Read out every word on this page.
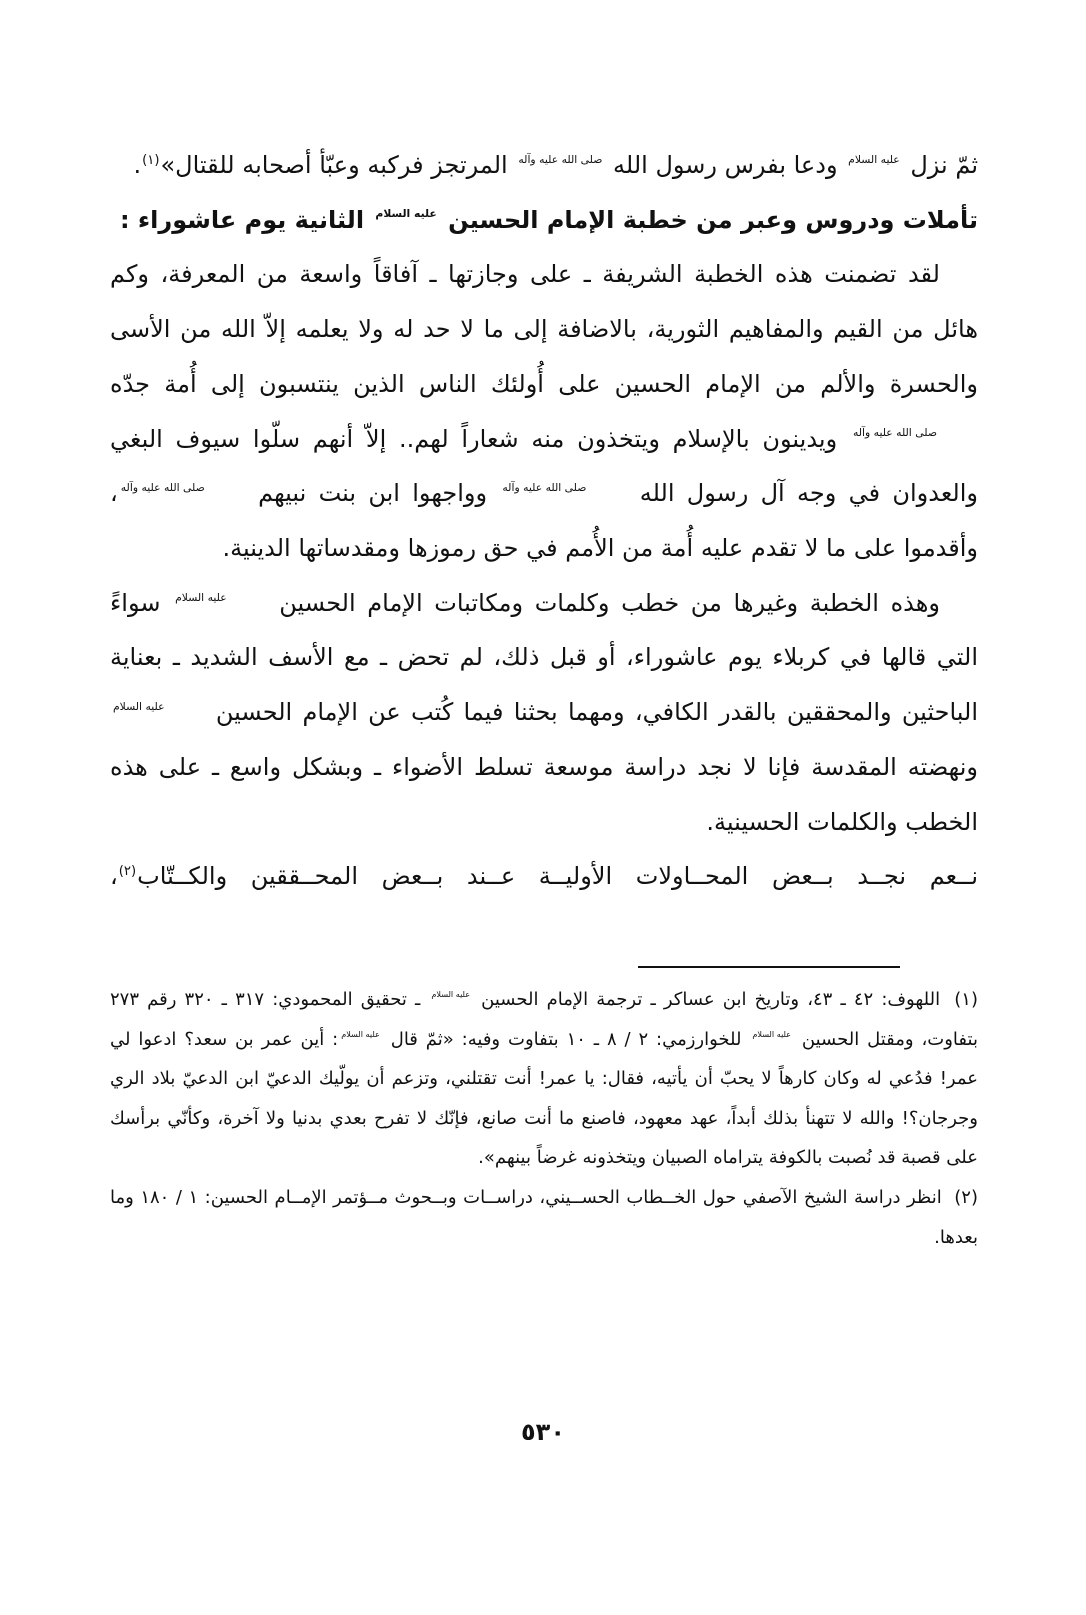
ثمّ نزل عليه السلام ودعا بفرس رسول الله صلى الله عليه وآله المرتجز فركبه وعبّأ أصحابه للقتال»$^{(١)}$.

تأملات ودروس وعبر من خطبة الإمام الحسين عليه السلام الثانية يوم عاشوراء :

لقد تضمنت هذه الخطبة الشريفة ـ على وجازتها ـ آفاقاً واسعة من المعرفة، وكم هائل من القيم والمفاهيم الثورية، بالاضافة إلى ما لا حد له ولا يعلمه إلاّ الله من الأسى والحسرة والألم من الإمام الحسين على أُولئك الناس الذين ينتسبون إلى أُمة جدّه صلى الله عليه وآله ويدينون بالإسلام ويتخذون منه شعاراً لهم.. إلاّ أنهم سلّوا سيوف البغي والعدوان في وجه آل رسول الله صلى الله عليه وآله وواجهوا ابن بنت نبيهم صلى الله عليه وآله، وأقدموا على ما لا تقدم عليه أُمة من الأُمم في حق رموزها ومقدساتها الدينية.

وهذه الخطبة وغيرها من خطب وكلمات ومكاتبات الإمام الحسين عليه السلام سواءً التي قالها في كربلاء يوم عاشوراء، أو قبل ذلك، لم تحض ـ مع الأسف الشديد ـ بعناية الباحثين والمحققين بالقدر الكافي، ومهما بحثنا فيما كُتب عن الإمام الحسين عليه السلام ونهضته المقدسة فإنا لا نجد دراسة موسعة تسلط الأضواء ـ وبشكل واسع ـ على هذه الخطب والكلمات الحسينية.

نــعم نجــد بــعض المحــاولات الأوليــة عــند بــعض المحــققين والكــتّاب$^{(٢)}$،

(١) اللهوف: ٤٢ ـ ٤٣، وتاريخ ابن عساكر ـ ترجمة الإمام الحسين عليه السلام ـ تحقيق المحمودي: ٣١٧ ـ ٣٢٠ رقم ٢٧٣ بتفاوت، ومقتل الحسين عليه السلام للخوارزمي: ٢ / ٨ ـ ١٠ بتفاوت وفيه: «ثمّ قال عليه السلام: أين عمر بن سعد؟ ادعوا لي عمر! فدُعي له وكان كارهاً لا يحبّ أن يأتيه، فقال: يا عمر! أنت تقتلني، وتزعم أن يولّيك الدعيّ ابن الدعيّ بلاد الري وجرجان؟! والله لا تتهنأ بذلك أبداً، عهد معهود، فاصنع ما أنت صانع، فإنّك لا تفرح بعدي بدنيا ولا آخرة، وكأنّي برأسك على قصبة قد نُصبت بالكوفة يتراماه الصبيان ويتخذونه غرضاً بينهم».

(٢) انظر دراسة الشيخ الآصفي حول الخــطاب الحســيني، دراســات وبــحوث مــؤتمر الإمــام الحسين: ١ / ١٨٠ وما بعدها.

٥٣٠
